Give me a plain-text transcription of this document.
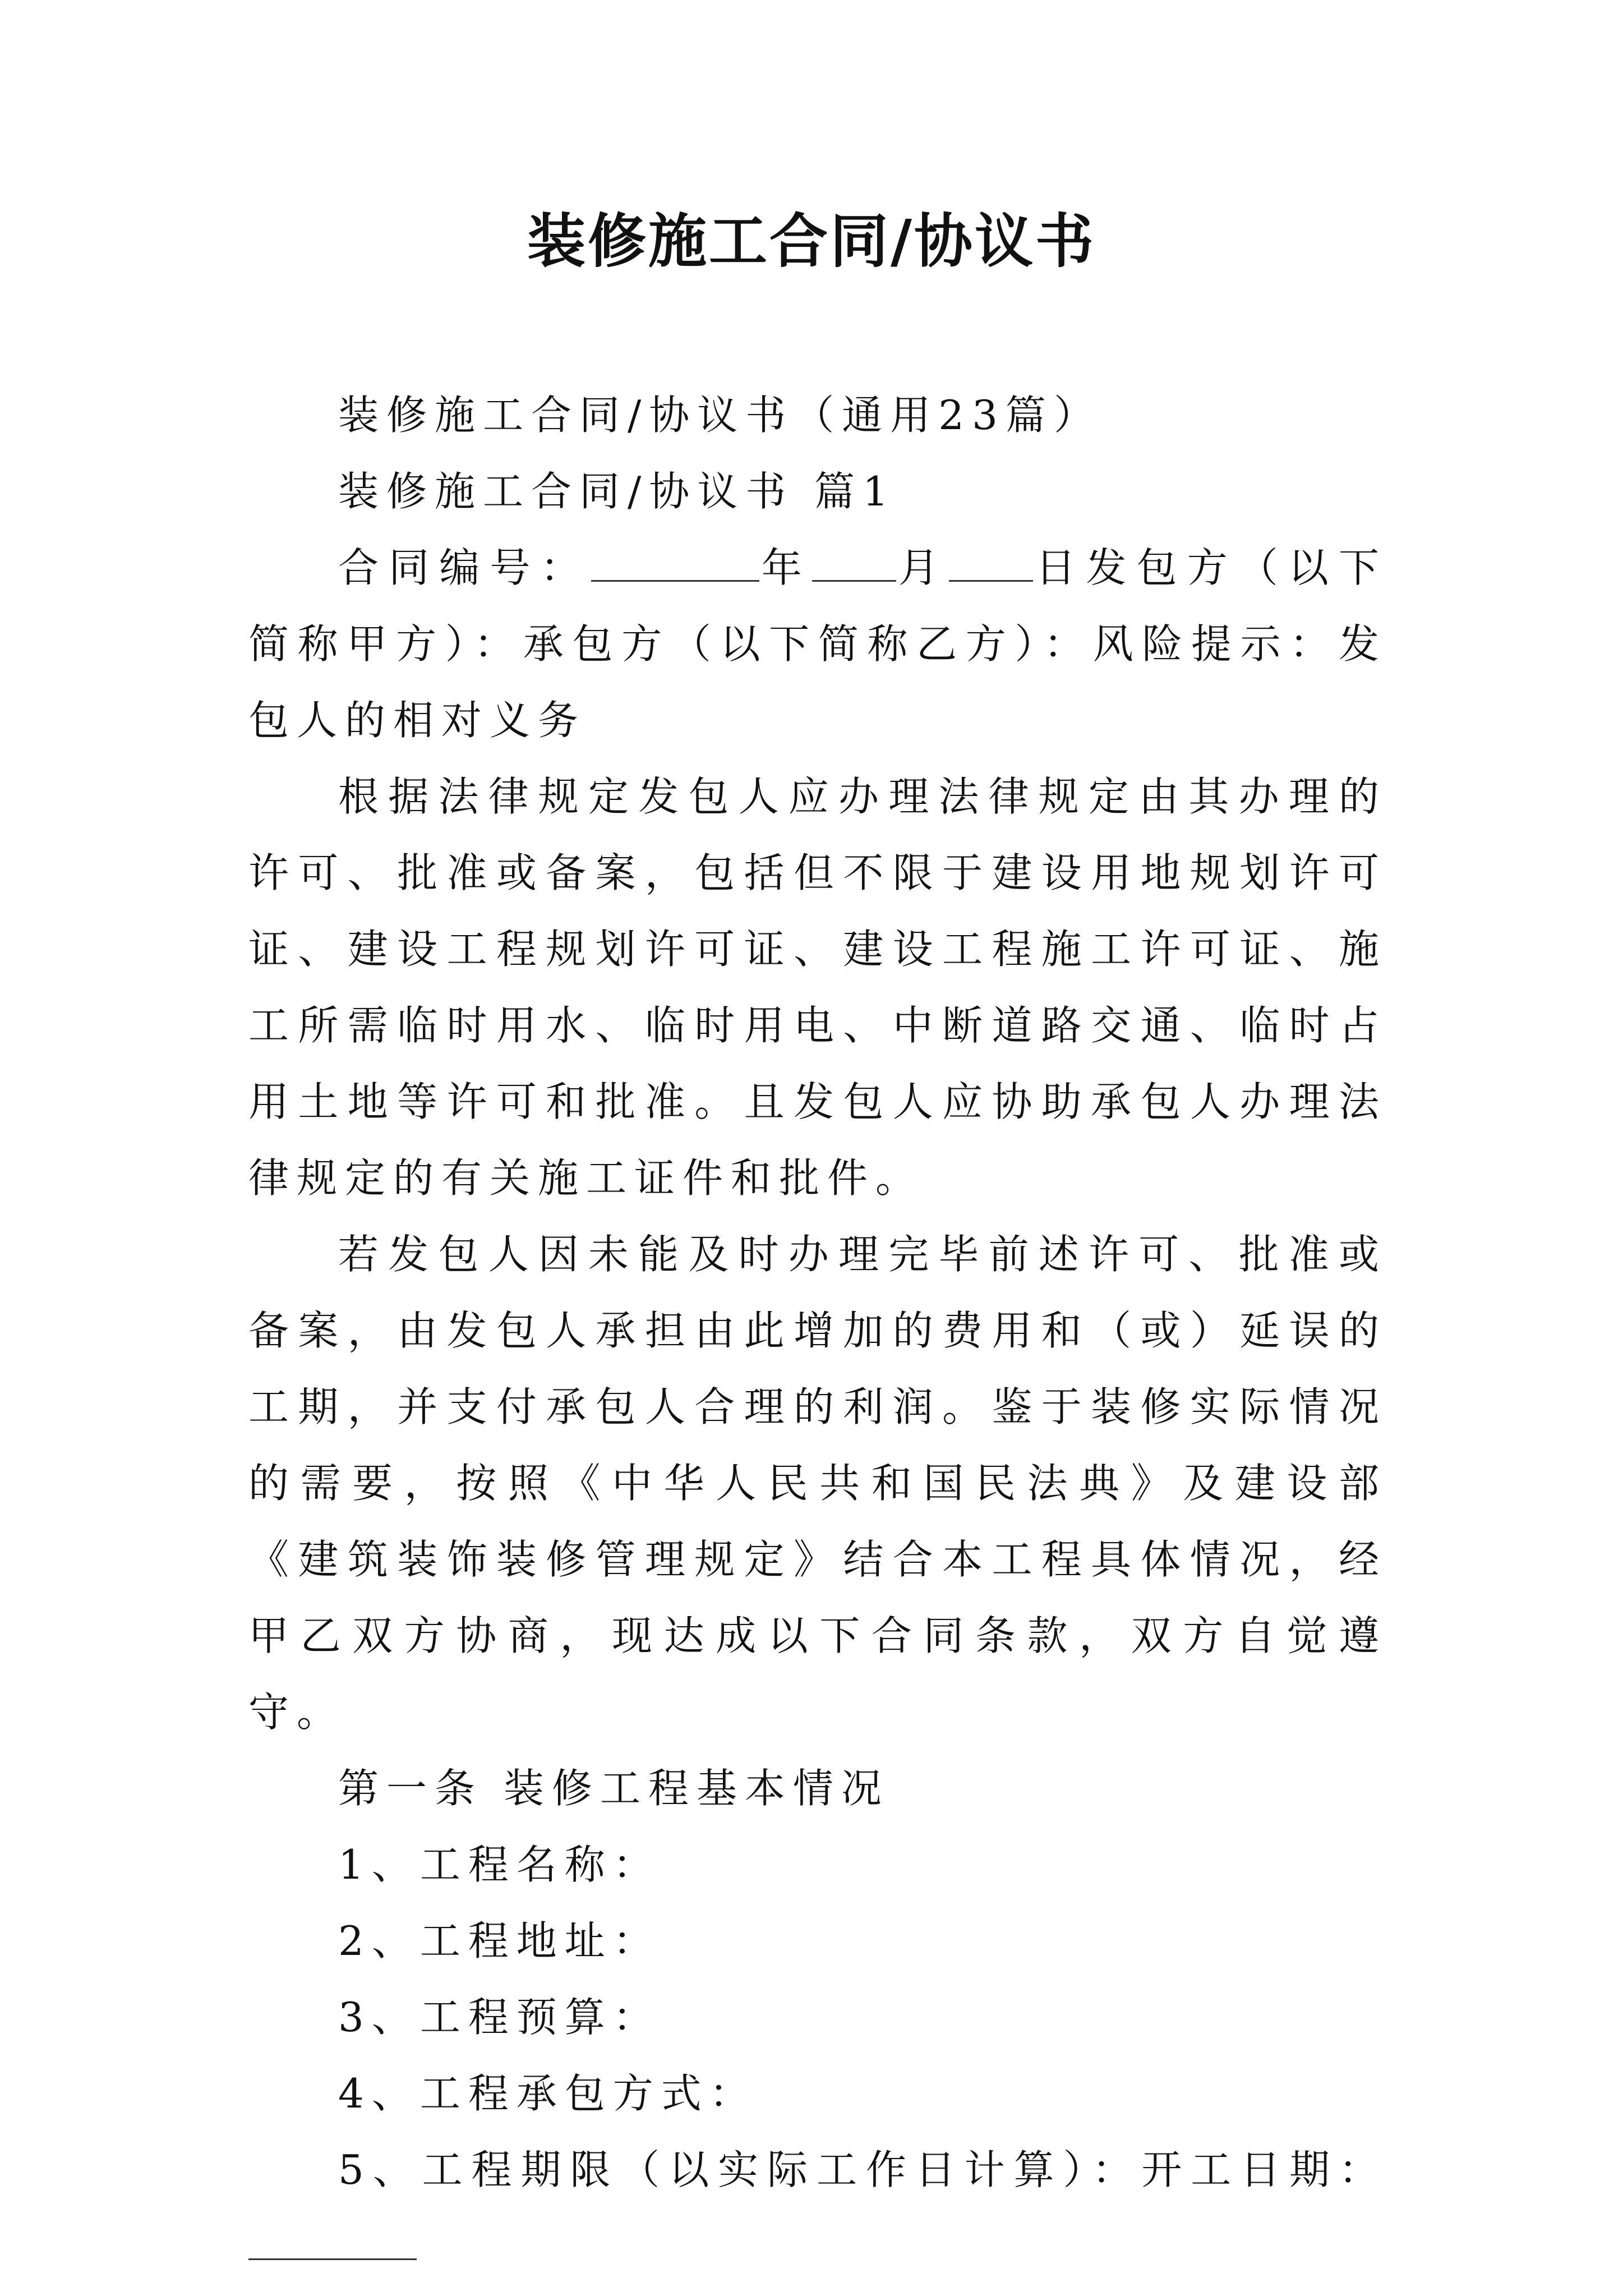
装修施工合同/协议书

装修施工合同/协议书（通用23篇）

装修施工合同/协议书 篇1

合同编号：	年 月 日发包方（以下简称甲方）：承包方（以下简称乙方）：风险提示：发包人的相对义务

根据法律规定发包人应办理法律规定由其办理的许可、批准或备案，包括但不限于建设用地规划许可证、建设工程规划许可证、建设工程施工许可证、施工所需临时用水、临时用电、中断道路交通、临时占用土地等许可和批准。且发包人应协助承包人办理法律规定的有关施工证件和批件。

若发包人因未能及时办理完毕前述许可、批准或备案，由发包人承担由此增加的费用和（或）延误的工期，并支付承包人合理的利润。鉴于装修实际情况的需要，按照《中华人民共和国民法典》及建设部《建筑装饰装修管理规定》结合本工程具体情况，经甲乙双方协商，现达成以下合同条款，双方自觉遵守。

第一条 装修工程基本情况

1、工程名称：

2、工程地址：

3、工程预算：

4、工程承包方式：

5、工程期限（以实际工作日计算）：开工日期：
